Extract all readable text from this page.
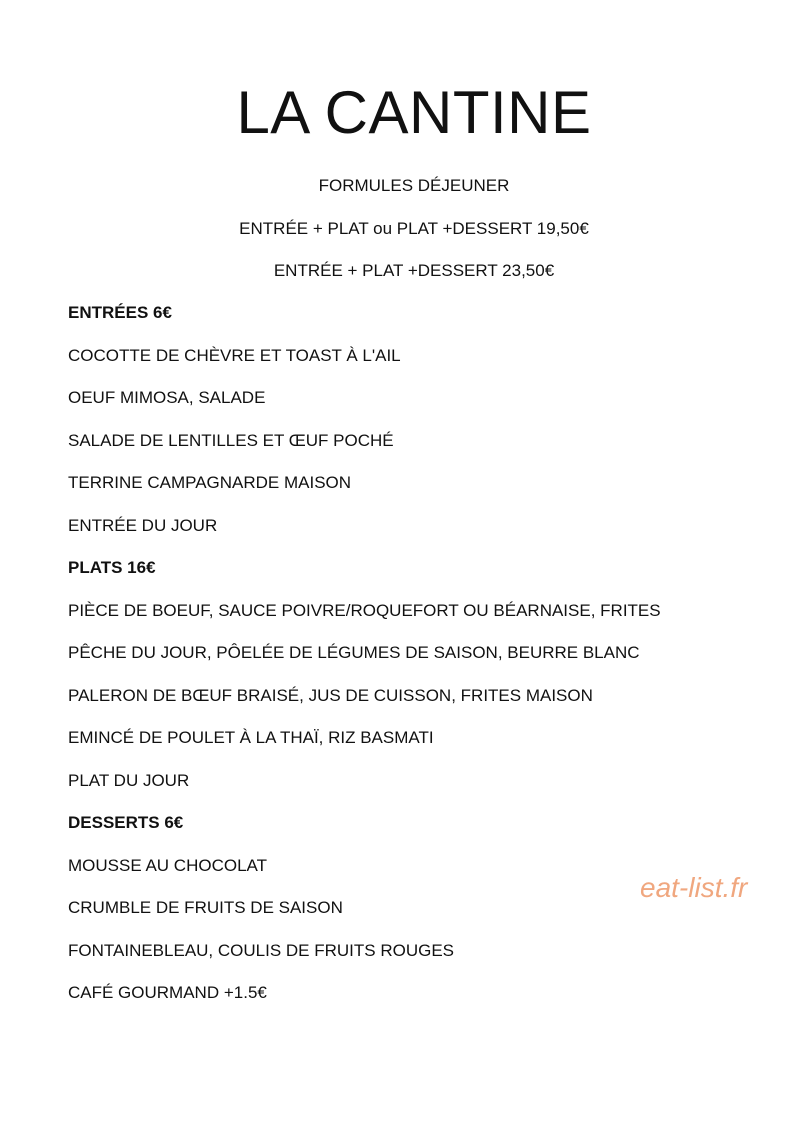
LA CANTINE
FORMULES DÉJEUNER
ENTRÉE + PLAT ou PLAT +DESSERT 19,50€
ENTRÉE + PLAT +DESSERT 23,50€
ENTRÉES 6€
COCOTTE DE CHÈVRE ET TOAST À L'AIL
OEUF MIMOSA, SALADE
SALADE DE LENTILLES ET ŒUF POCHÉ
TERRINE CAMPAGNARDE MAISON
ENTRÉE DU JOUR
PLATS 16€
PIÈCE DE BOEUF, SAUCE POIVRE/ROQUEFORT OU BÉARNAISE, FRITES
PÊCHE DU JOUR, PÔELÉE DE LÉGUMES DE SAISON, BEURRE BLANC
PALERON DE BŒUF BRAISÉ, JUS DE CUISSON, FRITES MAISON
EMINCÉ DE POULET À LA THAÏ, RIZ BASMATI
PLAT DU JOUR
DESSERTS 6€
MOUSSE AU CHOCOLAT
CRUMBLE DE FRUITS DE SAISON
FONTAINEBLEAU, COULIS DE FRUITS ROUGES
CAFÉ GOURMAND +1.5€
eat-list.fr
